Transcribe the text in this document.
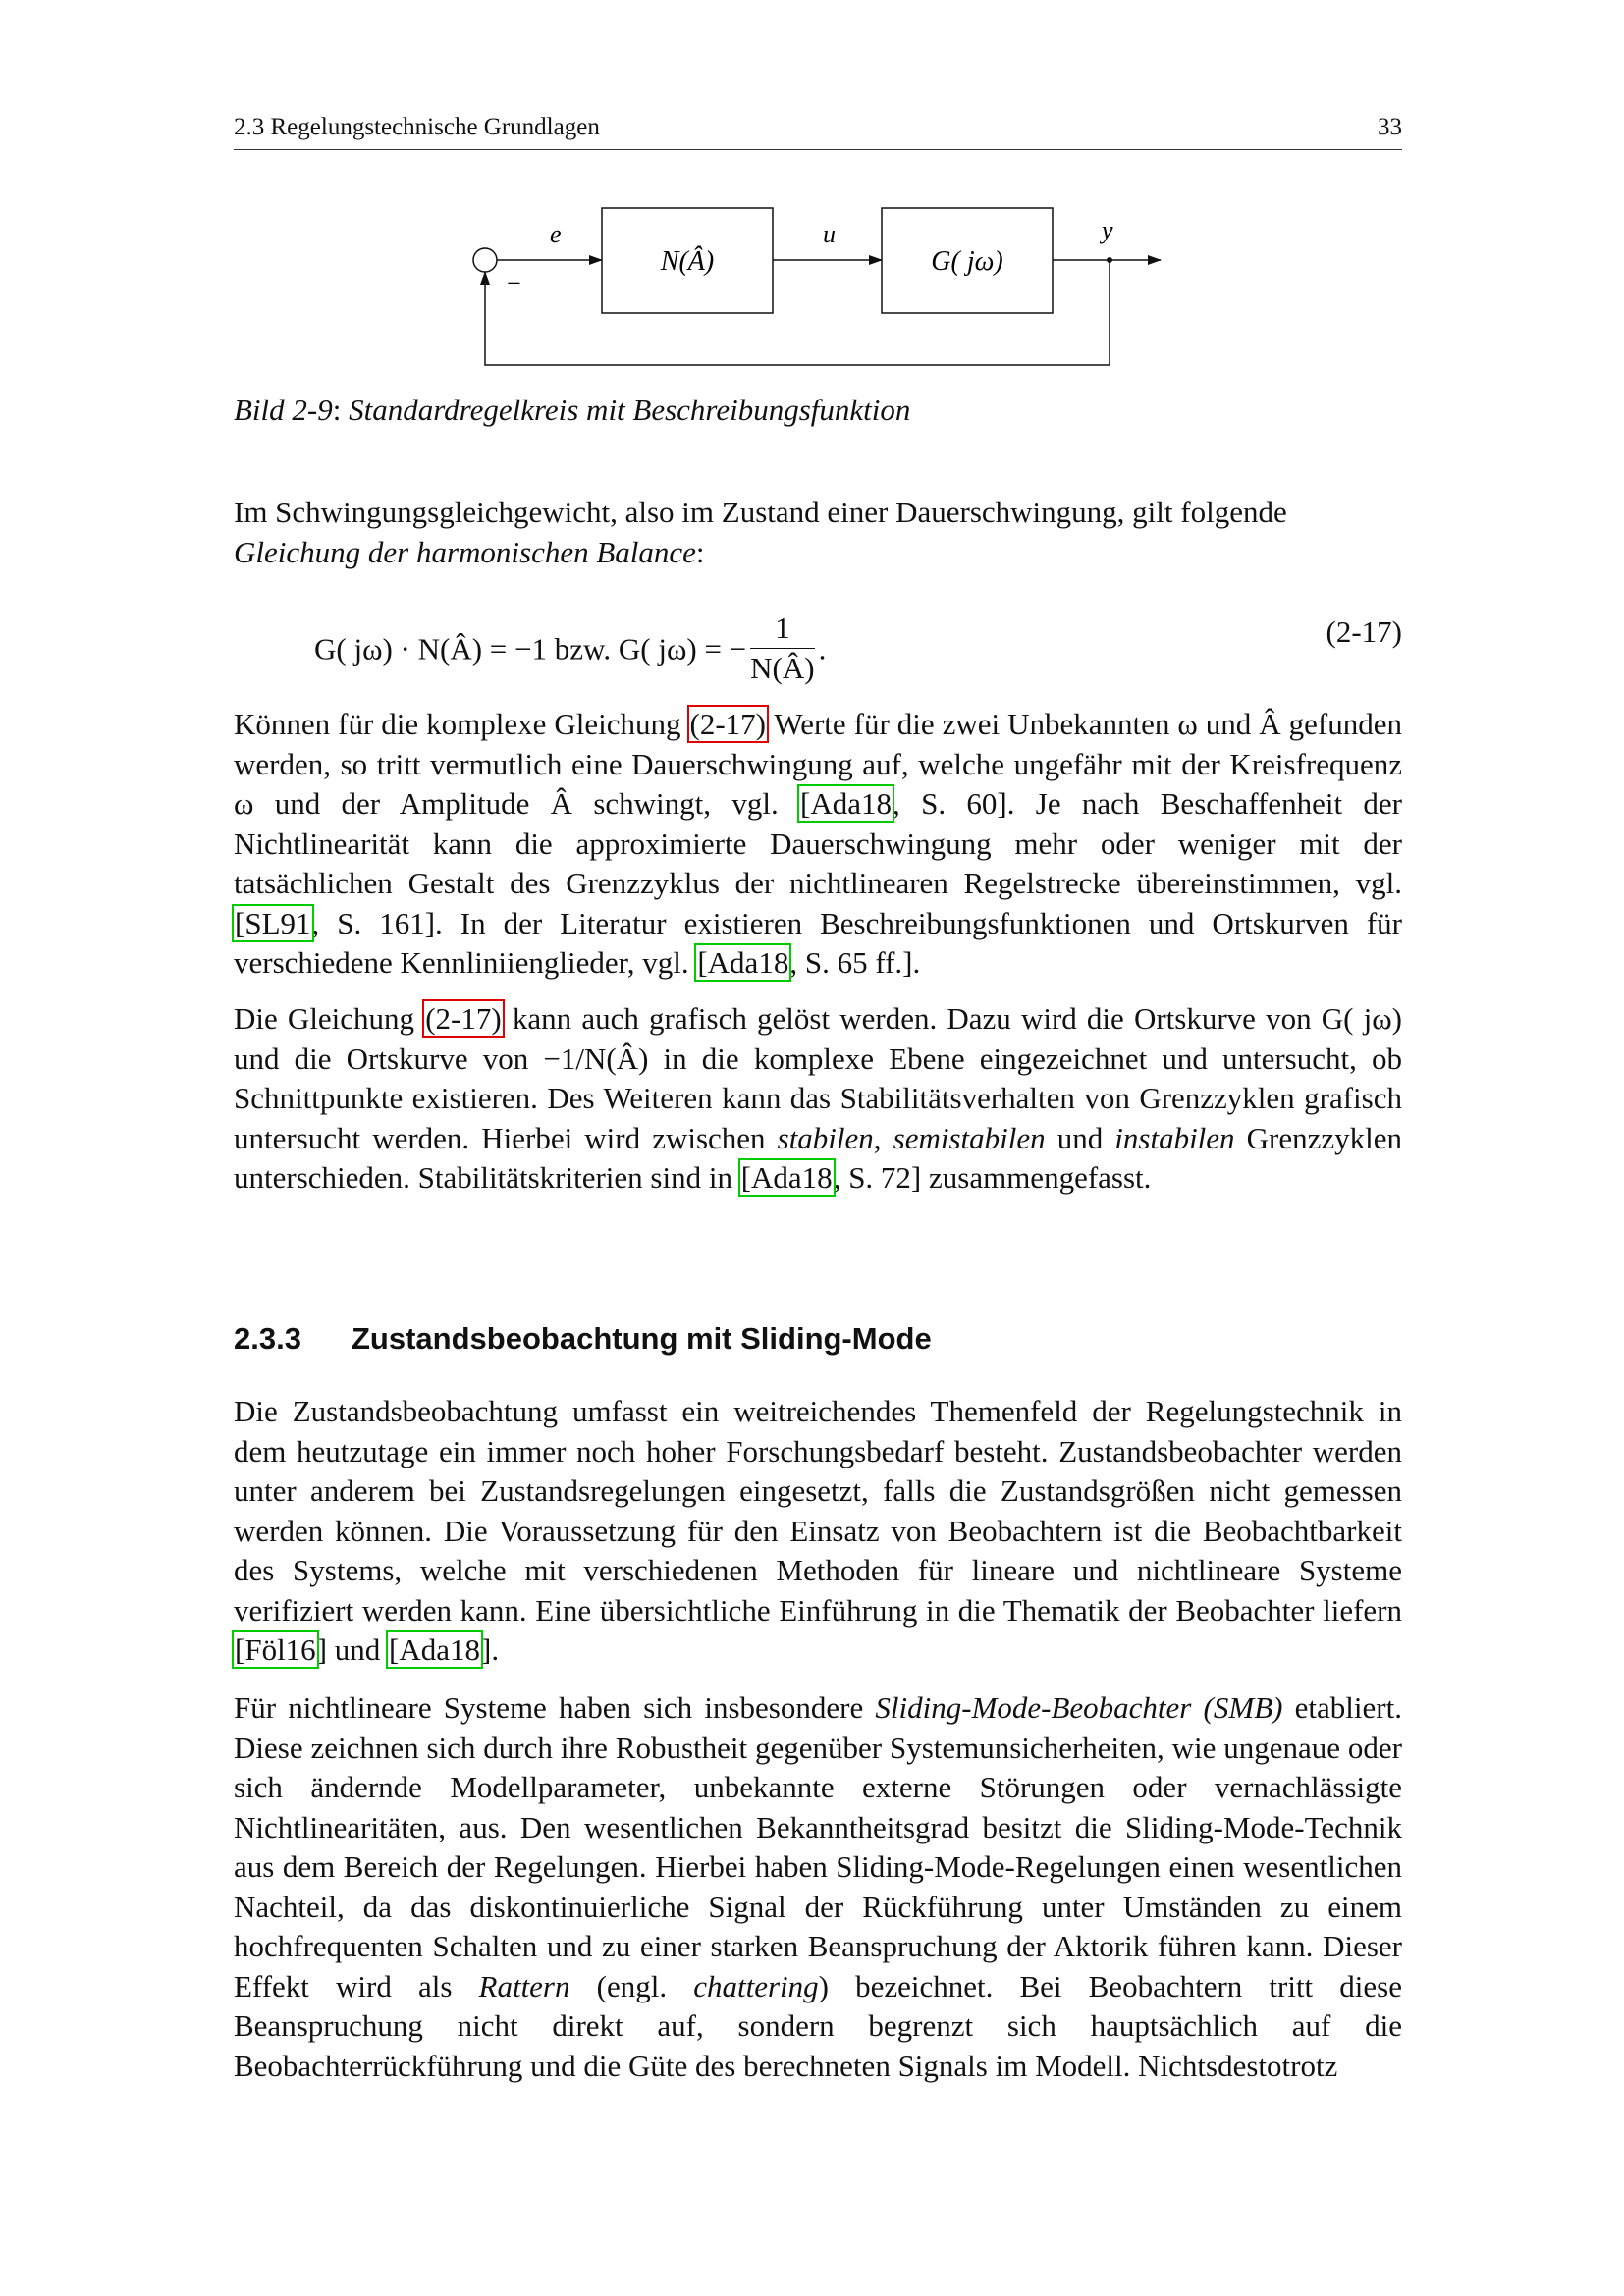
2.3 Regelungstechnische Grundlagen	33
N(Â)	G( jω)
e	u	y
−
Bild 2-9: Standardregelkreis mit Beschreibungsfunktion

Im Schwingungsgleichgewicht, also im Zustand einer Dauerschwingung, gilt folgende Gleichung der harmonischen Balance:

G( jω) · N(Â) = −1 bzw. G( jω) = − $\frac{1}{N(Â)}$ .
(2-17)

Können für die komplexe Gleichung (2-17) Werte für die zwei Unbekannten ω und Â gefunden werden, so tritt vermutlich eine Dauerschwingung auf, welche ungefähr mit der Kreisfrequenz ω und der Amplitude Â schwingt, vgl. [Ada18, S. 60]. Je nach Beschaffenheit der Nichtlinearität kann die approximierte Dauerschwingung mehr oder weniger mit der tatsächlichen Gestalt des Grenzzyklus der nichtlinearen Regelstrecke übereinstimmen, vgl. [SL91, S. 161]. In der Literatur existieren Beschreibungsfunktionen und Ortskurven für verschiedene Kennliniienglieder, vgl. [Ada18, S. 65 ff.].

Die Gleichung (2-17) kann auch grafisch gelöst werden. Dazu wird die Ortskurve von G( jω) und die Ortskurve von −1/N(Â) in die komplexe Ebene eingezeichnet und untersucht, ob Schnittpunkte existieren. Des Weiteren kann das Stabilitätsverhalten von Grenzzyklen grafisch untersucht werden. Hierbei wird zwischen stabilen, semistabilen und instabilen Grenzzyklen unterschieden. Stabilitätskriterien sind in [Ada18, S. 72] zusammengefasst.

2.3.3 Zustandsbeobachtung mit Sliding-Mode

Die Zustandsbeobachtung umfasst ein weitreichendes Themenfeld der Regelungstechnik in dem heutzutage ein immer noch hoher Forschungsbedarf besteht. Zustandsbeobachter werden unter anderem bei Zustandsregelungen eingesetzt, falls die Zustandsgrößen nicht gemessen werden können. Die Voraussetzung für den Einsatz von Beobachtern ist die Beobachtbarkeit des Systems, welche mit verschiedenen Methoden für lineare und nichtlineare Systeme verifiziert werden kann. Eine übersichtliche Einführung in die Thematik der Beobachter liefern [Föl16] und [Ada18].

Für nichtlineare Systeme haben sich insbesondere Sliding-Mode-Beobachter (SMB) etabliert. Diese zeichnen sich durch ihre Robustheit gegenüber Systemunsicherheiten, wie ungenaue oder sich ändernde Modellparameter, unbekannte externe Störungen oder vernachlässigte Nichtlinearitäten, aus. Den wesentlichen Bekanntheitsgrad besitzt die Sliding-Mode-Technik aus dem Bereich der Regelungen. Hierbei haben Sliding-Mode-Regelungen einen wesentlichen Nachteil, da das diskontinuierliche Signal der Rückführung unter Umständen zu einem hochfrequenten Schalten und zu einer starken Beanspruchung der Aktorik führen kann. Dieser Effekt wird als Rattern (engl. chattering) bezeichnet. Bei Beobachtern tritt diese Beanspruchung nicht direkt auf, sondern begrenzt sich hauptsächlich auf die Beobachterrückführung und die Güte des berechneten Signals im Modell. Nichtsdestotrotz
